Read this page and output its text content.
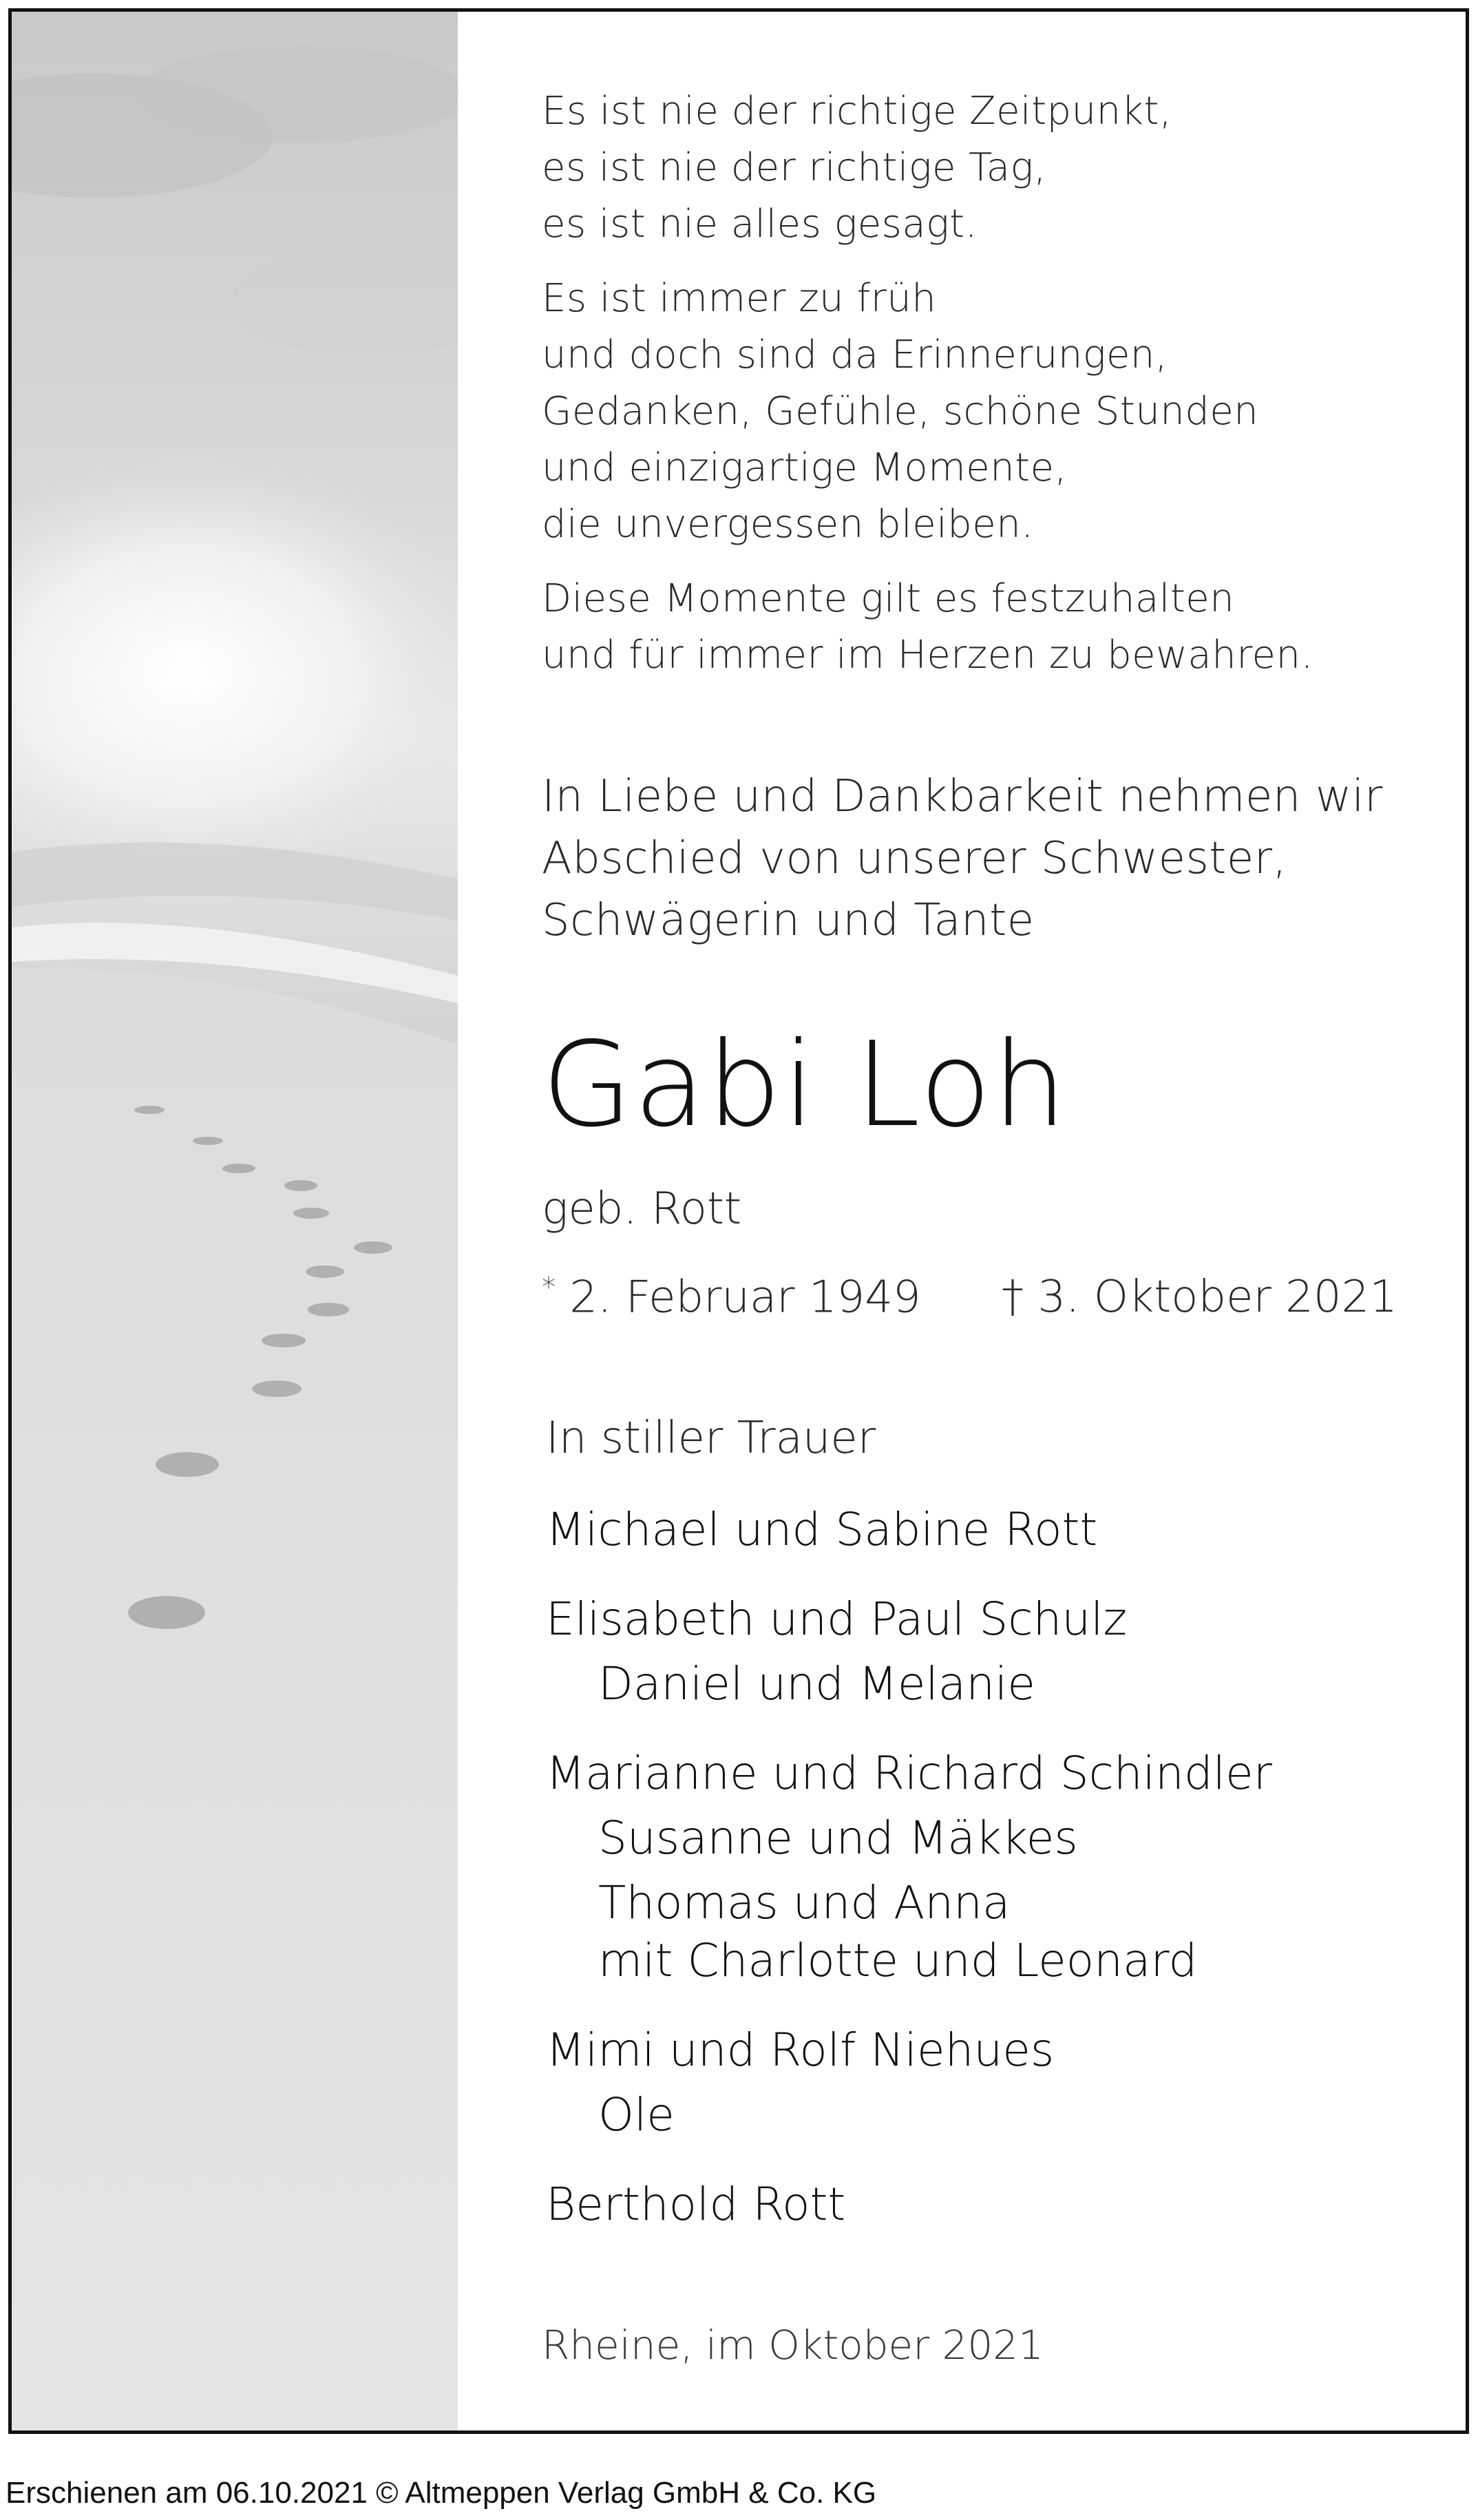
Es ist nie der richtige Zeitpunkt,
es ist nie der richtige Tag,
es ist nie alles gesagt.
Es ist immer zu früh
und doch sind da Erinnerungen,
Gedanken, Gefühle, schöne Stunden
und einzigartige Momente,
die unvergessen bleiben.
Diese Momente gilt es festzuhalten
und für immer im Herzen zu bewahren.
In Liebe und Dankbarkeit nehmen wir
Abschied von unserer Schwester,
Schwägerin und Tante
Gabi Loh
geb. Rott
* 2. Februar 1949 † 3. Oktober 2021
In stiller Trauer
Michael und Sabine Rott
Elisabeth und Paul Schulz
Daniel und Melanie
Marianne und Richard Schindler
Susanne und Mäkkes
Thomas und Anna
mit Charlotte und Leonard
Mimi und Rolf Niehues
Ole
Berthold Rott
Rheine, im Oktober 2021
Erschienen am 06.10.2021 © Altmeppen Verlag GmbH & Co. KG
